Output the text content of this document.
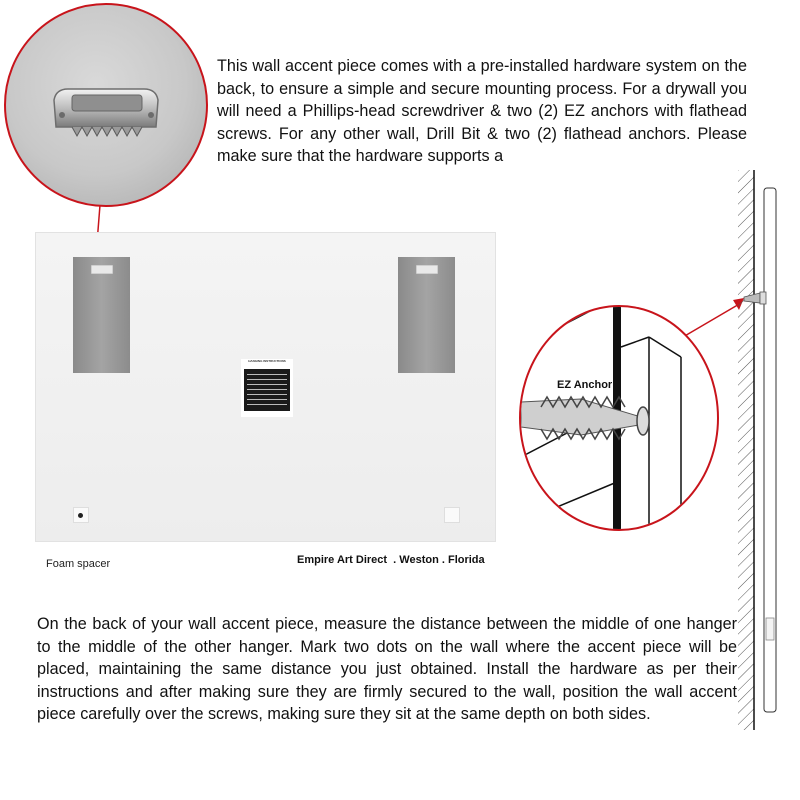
This wall accent piece comes with a pre-installed hardware system on the back, to ensure a simple and secure mounting process. For a drywall you will need a Phillips-head screwdriver & two (2) EZ anchors with flathead screws. For any other wall, Drill Bit & two (2) flathead anchors. Please make sure that the hardware supports a
HANGING INSTRUCTIONS
Foam spacer	Empire Art Direct  . Weston . Florida
EZ Anchor
On the back of your wall accent piece, measure the distance between the middle of one hanger to the middle of the other hanger. Mark two dots on the wall where the accent piece will be placed, maintaining the same distance you just obtained. Install the hardware as per their instructions and after making sure they are firmly secured to the wall, position the wall accent piece carefully over the screws, making sure they sit at the same depth on both sides.
